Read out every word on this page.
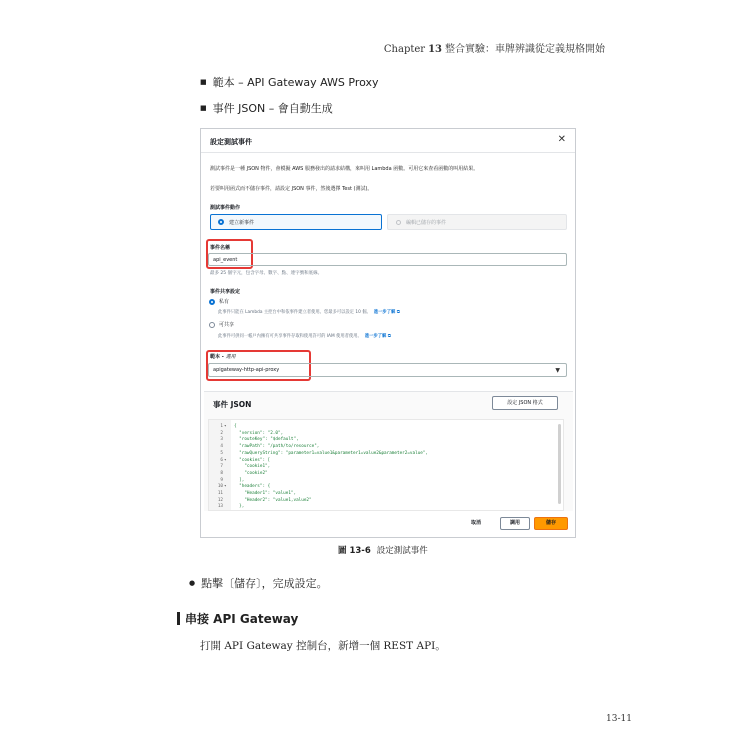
Chapter 13 整合實驗：車牌辨識從定義規格開始
■ 範本 – API Gateway AWS Proxy
■ 事件 JSON – 會自動生成
設定測試事件	✕
測試事件是一種 JSON 物件，會模擬 AWS 服務發出的請求結構，來叫用 Lambda 函數。可用它來查看函數的叫用結果。
若要叫用函式而不儲存事件，請設定 JSON 事件，然後選擇 Test (測試)。
測試事件動作
建立新事件	編輯已儲存的事件
事件名稱
api_event
最多 25 個字元，包含字母、數字、點、連字號和底線。
事件共享設定
私有
此事件只能在 Lambda 主控台中和依事件建立者使用。您最多可以設定 10 個。 進一步了解 ⧉
可共享
此事件可供同一帳戶內擁有可共享事件存取和使用許可的 IAM 使用者使用。 進一步了解 ⧉
範本 - 選用
apigateway-http-api-proxy	▼
事件 JSON	設定 JSON 格式
1 ▾ {
2	"version": "2.0",
3	"routeKey": "$default",
4	"rawPath": "/path/to/resource",
5	"rawQueryString": "parameter1=value1&parameter1=value2&parameter2=value",
6 ▾ "cookies": [
7	"cookie1",
8	"cookie2"
9	],
10 ▾ "headers": {
11	"Header1": "value1",
12	"Header2": "value1,value2"
13	},
取消	調用	儲存
圖 13-6 設定測試事件
● 點擊〔儲存〕，完成設定。
串接 API Gateway
打開 API Gateway 控制台，新增一個 REST API。
13-11
